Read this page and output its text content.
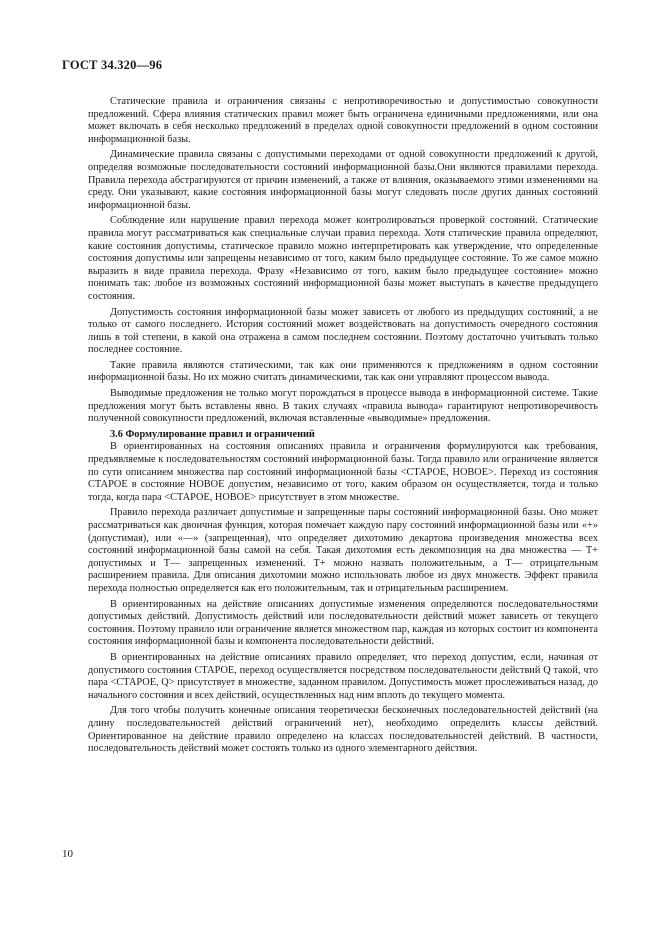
ГОСТ 34.320—96

Статические правила и ограничения связаны с непротиворечивостью и допустимостью совокупности предложений. Сфера влияния статических правил может быть ограничена единичными предложениями, или она может включать в себя несколько предложений в пределах одной совокупности предложений в одном состоянии информационной базы.

Динамические правила связаны с допустимыми переходами от одной совокупности предложений к другой, определяя возможные последовательности состояний информационной базы.Они являются правилами перехода. Правила перехода абстрагируются от причин изменений, а также от влияния, оказываемого этими изменениями на среду. Они указывают, какие состояния информационной базы могут следовать после других данных состояний информационной базы.

Соблюдение или нарушение правил перехода может контролироваться проверкой состояний. Статические правила могут рассматриваться как специальные случаи правил перехода. Хотя статические правила определяют, какие состояния допустимы, статическое правило можно интерпретировать как утверждение, что определенные состояния допустимы или запрещены независимо от того, каким было предыдущее состояние. То же самое можно выразить в виде правила перехода. Фразу «Независимо от того, каким было предыдущее состояние» можно понимать так: любое из возможных состояний информационной базы может выступать в качестве предыдущего состояния.

Допустимость состояния информационной базы может зависеть от любого из предыдущих состояний, а не только от самого последнего. История состояний может воздействовать на допустимость очередного состояния лишь в той степени, в какой она отражена в самом последнем состоянии. Поэтому достаточно учитывать только последнее состояние.

Такие правила являются статическими, так как они применяются к предложениям в одном состоянии информационной базы. Но их можно считать динамическими, так как они управляют процессом вывода.

Выводимые предложения не только могут порождаться в процессе вывода в информационной системе. Такие предложения могут быть вставлены явно. В таких случаях «правила вывода» гарантируют непротиворечивость полученной совокупности предложений, включая вставленные «выводимые» предложения.

3.6 Формулирование правил и ограничений

В ориентированных на состояния описаниях правила и ограничения формулируются как требования, предъявляемые к последовательностям состояний информационной базы. Тогда правило или ограничение является по сути описанием множества пар состояний информационной базы <СТАРОЕ, НОВОЕ>. Переход из состояния СТАРОЕ в состояние НОВОЕ допустим, независимо от того, каким образом он осуществляется, тогда и только тогда, когда пара <СТАРОЕ, НОВОЕ> присутствует в этом множестве.

Правило перехода различает допустимые и запрещенные пары состояний информационной базы. Оно может рассматриваться как двоичная функция, которая помечает каждую пару состояний информационной базы или «+» (допустимая), или «—» (запрещенная), что определяет дихотомию декартова произведения множества всех состояний информационной базы самой на себя. Такая дихотомия есть декомпозиция на два множества — T+ допустимых и T— запрещенных изменений. T+ можно назвать положительным, а T— отрицательным расширением правила. Для описания дихотомии можно использовать любое из двух множеств. Эффект правила перехода полностью определяется как его положительным, так и отрицательным расширением.

В ориентированных на действие описаниях допустимые изменения определяются последовательностями допустимых действий. Допустимость действий или последовательности действий может зависеть от текущего состояния. Поэтому правило или ограничение является множеством пар, каждая из которых состоит из компонента состояния информационной базы и компонента последовательности действий.

В ориентированных на действие описаниях правило определяет, что переход допустим, если, начиная от допустимого состояния СТАРОЕ, переход осуществляется посредством последовательности действий Q такой, что пара <СТАРОЕ, Q> присутствует в множестве, заданном правилом. Допустимость может прослеживаться назад, до начального состояния и всех действий, осуществленных над ним вплоть до текущего момента.

Для того чтобы получить конечные описания теоретически бесконечных последовательностей действий (на длину последовательностей действий ограничений нет), необходимо определить классы действий. Ориентированное на действие правило определено на классах последовательностей действий. В частности, последовательность действий может состоять только из одного элементарного действия.

10
